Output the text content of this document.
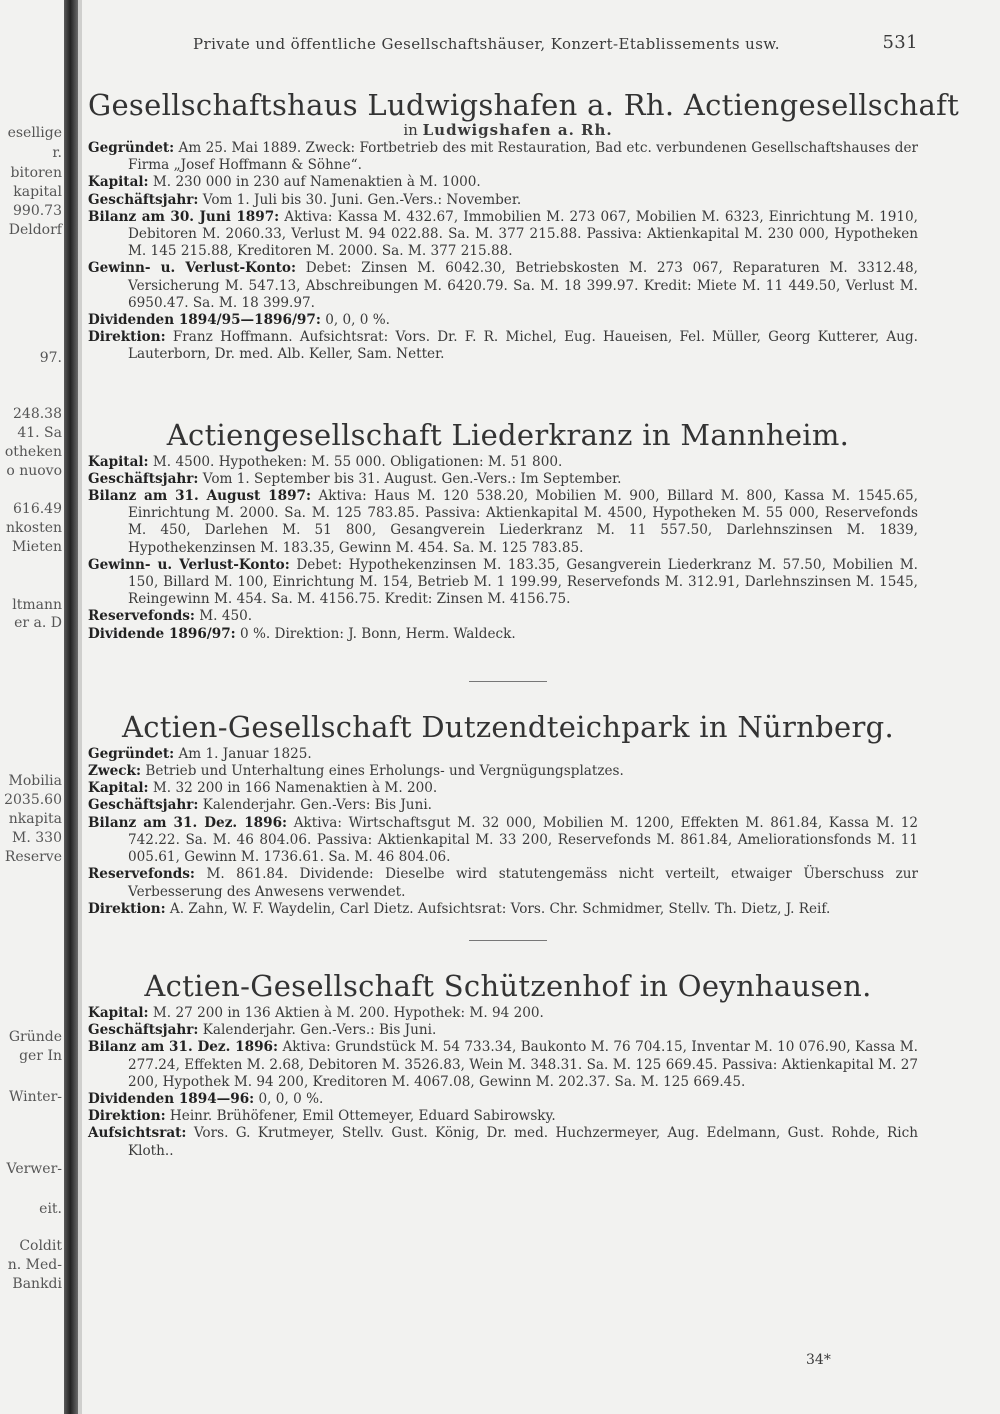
esellige
r.
bitoren
kapital
990.73
Deldorf
97.
248.38
41. Sa
otheken
o nuovo
616.49
nkosten
Mieten
ltmann
er a. D
Mobilia
2035.60
nkapita
M. 330
Reserve
Gründe
ger In
Winter-
Verwer-
eit.
Coldit
n. Med-
Bankdi
Private und öffentliche Gesellschaftshäuser, Konzert-Etablissements usw.	531
Gesellschaftshaus Ludwigshafen a. Rh. Actiengesellschaft
in Ludwigshafen a. Rh.
Gegründet: Am 25. Mai 1889. Zweck: Fortbetrieb des mit Restauration, Bad etc. verbundenen Gesellschaftshauses der Firma „Josef Hoffmann & Söhne“.
Kapital: M. 230 000 in 230 auf Namenaktien à M. 1000.
Geschäftsjahr: Vom 1. Juli bis 30. Juni. Gen.-Vers.: November.
Bilanz am 30. Juni 1897: Aktiva: Kassa M. 432.67, Immobilien M. 273 067, Mobilien M. 6323, Einrichtung M. 1910, Debitoren M. 2060.33, Verlust M. 94 022.88. Sa. M. 377 215.88. Passiva: Aktienkapital M. 230 000, Hypotheken M. 145 215.88, Kreditoren M. 2000. Sa. M. 377 215.88.
Gewinn- u. Verlust-Konto: Debet: Zinsen M. 6042.30, Betriebskosten M. 273 067, Reparaturen M. 3312.48, Versicherung M. 547.13, Abschreibungen M. 6420.79. Sa. M. 18 399.97. Kredit: Miete M. 11 449.50, Verlust M. 6950.47. Sa. M. 18 399.97.
Dividenden 1894/95—1896/97: 0, 0, 0 %.
Direktion: Franz Hoffmann. Aufsichtsrat: Vors. Dr. F. R. Michel, Eug. Haueisen, Fel. Müller, Georg Kutterer, Aug. Lauterborn, Dr. med. Alb. Keller, Sam. Netter.
Actiengesellschaft Liederkranz in Mannheim.
Kapital: M. 4500. Hypotheken: M. 55 000. Obligationen: M. 51 800.
Geschäftsjahr: Vom 1. September bis 31. August. Gen.-Vers.: Im September.
Bilanz am 31. August 1897: Aktiva: Haus M. 120 538.20, Mobilien M. 900, Billard M. 800, Kassa M. 1545.65, Einrichtung M. 2000. Sa. M. 125 783.85. Passiva: Aktienkapital M. 4500, Hypotheken M. 55 000, Reservefonds M. 450, Darlehen M. 51 800, Gesangverein Liederkranz M. 11 557.50, Darlehnszinsen M. 1839, Hypothekenzinsen M. 183.35, Gewinn M. 454. Sa. M. 125 783.85.
Gewinn- u. Verlust-Konto: Debet: Hypothekenzinsen M. 183.35, Gesangverein Liederkranz M. 57.50, Mobilien M. 150, Billard M. 100, Einrichtung M. 154, Betrieb M. 1 199.99, Reservefonds M. 312.91, Darlehnszinsen M. 1545, Reingewinn M. 454. Sa. M. 4156.75. Kredit: Zinsen M. 4156.75.
Reservefonds: M. 450.
Dividende 1896/97: 0 %. Direktion: J. Bonn, Herm. Waldeck.
Actien-Gesellschaft Dutzendteichpark in Nürnberg.
Gegründet: Am 1. Januar 1825.
Zweck: Betrieb und Unterhaltung eines Erholungs- und Vergnügungsplatzes.
Kapital: M. 32 200 in 166 Namenaktien à M. 200.
Geschäftsjahr: Kalenderjahr. Gen.-Vers: Bis Juni.
Bilanz am 31. Dez. 1896: Aktiva: Wirtschaftsgut M. 32 000, Mobilien M. 1200, Effekten M. 861.84, Kassa M. 12 742.22. Sa. M. 46 804.06. Passiva: Aktienkapital M. 33 200, Reservefonds M. 861.84, Ameliorationsfonds M. 11 005.61, Gewinn M. 1736.61. Sa. M. 46 804.06.
Reservefonds: M. 861.84. Dividende: Dieselbe wird statutengemäss nicht verteilt, etwaiger Überschuss zur Verbesserung des Anwesens verwendet.
Direktion: A. Zahn, W. F. Waydelin, Carl Dietz. Aufsichtsrat: Vors. Chr. Schmidmer, Stellv. Th. Dietz, J. Reif.
Actien-Gesellschaft Schützenhof in Oeynhausen.
Kapital: M. 27 200 in 136 Aktien à M. 200. Hypothek: M. 94 200.
Geschäftsjahr: Kalenderjahr. Gen.-Vers.: Bis Juni.
Bilanz am 31. Dez. 1896: Aktiva: Grundstück M. 54 733.34, Baukonto M. 76 704.15, Inventar M. 10 076.90, Kassa M. 277.24, Effekten M. 2.68, Debitoren M. 3526.83, Wein M. 348.31. Sa. M. 125 669.45. Passiva: Aktienkapital M. 27 200, Hypothek M. 94 200, Kreditoren M. 4067.08, Gewinn M. 202.37. Sa. M. 125 669.45.
Dividenden 1894—96: 0, 0, 0 %.
Direktion: Heinr. Brühöfener, Emil Ottemeyer, Eduard Sabirowsky.
Aufsichtsrat: Vors. G. Krutmeyer, Stellv. Gust. König, Dr. med. Huchzermeyer, Aug. Edelmann, Gust. Rohde, Rich Kloth..
34*
